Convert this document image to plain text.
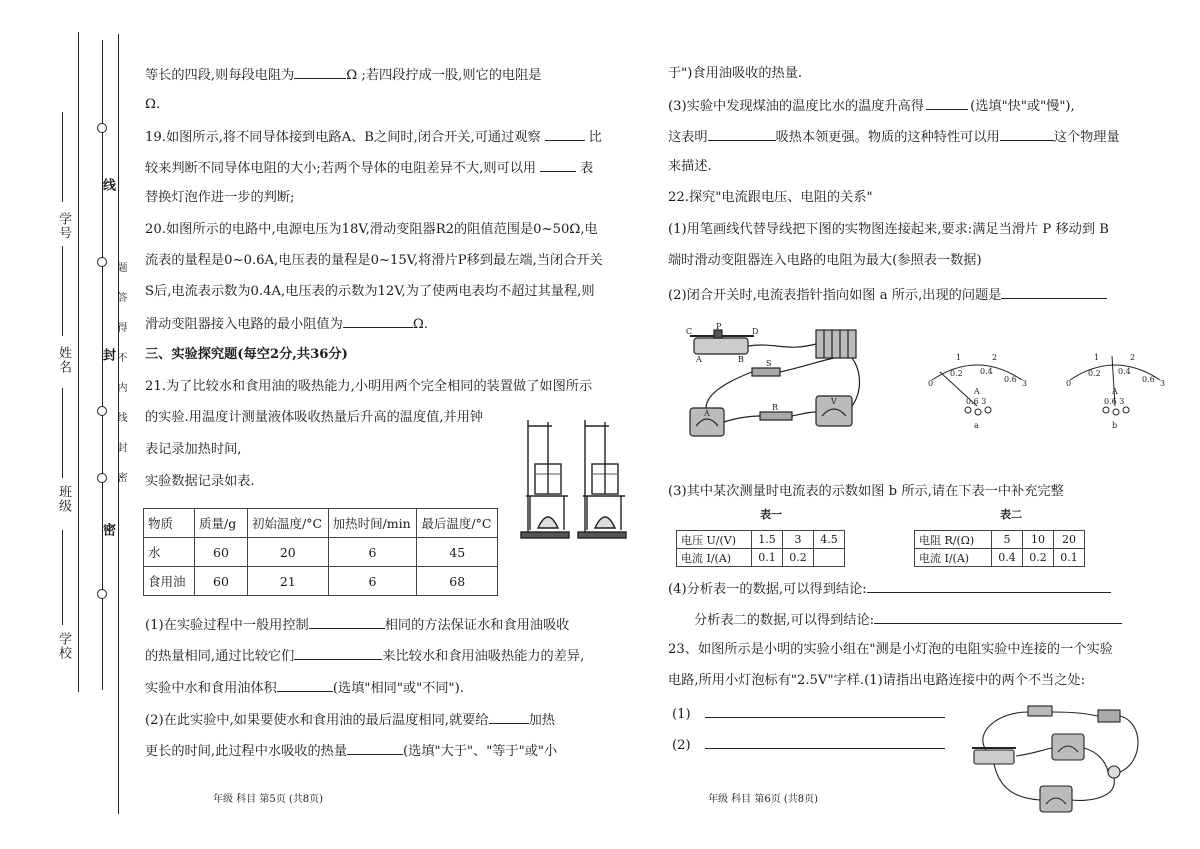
学号
姓名
班级
学校
线
封
密
题
答
得
不
内
线
封
密
等长的四段,则每段电阻为	Ω ;若四段拧成一股,则它的电阻是
Ω.
19.如图所示,将不同导体接到电路A、B之间时,闭合开关,可通过观察	比
较来判断不同导体电阻的大小;若两个导体的电阻差异不大,则可以用	表
替换灯泡作进一步的判断;
20.如图所示的电路中,电源电压为18V,滑动变阻器R2的阻值范围是0~50Ω,电
流表的量程是0~0.6A,电压表的量程是0~15V,将滑片P移到最左端,当闭合开关
S后,电流表示数为0.4A,电压表的示数为12V,为了使两电表均不超过其量程,则
滑动变阻器接入电路的最小阻值为	Ω.
三、实验探究题(每空2分,共36分)
21.为了比较水和食用油的吸热能力,小明用两个完全相同的装置做了如图所示
的实验.用温度计测量液体吸收热量后升高的温度值,并用钟
表记录加热时间,
实验数据记录如表.
物质	质量/g	初始温度/°C	加热时间/min	最后温度/°C
水	60	20	6	45
食用油	60	21	6	68
(1)在实验过程中一般用控制	相同的方法保证水和食用油吸收
的热量相同,通过比较它们	来比较水和食用油吸热能力的差异,
实验中水和食用油体积	(选填"相同"或"不同").
(2)在此实验中,如果要使水和食用油的最后温度相同,就要给	加热
更长的时间,此过程中水吸收的热量	(选填"大于"、"等于"或"小
年级 科目 第5页 (共8页)
于")食用油吸收的热量.
(3)实验中发现煤油的温度比水的温度升高得	(选填"快"或"慢"),
这表明	吸热本领更强。物质的这种特性可以用	这个物理量
来描述.
22.探究"电流跟电压、电阻的关系"
(1)用笔画线代替导线把下图的实物图连接起来,要求:满足当滑片 P 移动到 B
端时滑动变阻器连入电路的电阻为最大(参照表一数据)
(2)闭合开关时,电流表指针指向如图 a 所示,出现的问题是
C
P
D
A	B	S
R
V
A
0
1	2
3
0.2 0.4
0.6
A
0.6 3
a
0
1	2
3
0.2 0.4
0.6
A
0.6 3
b
(3)其中某次测量时电流表的示数如图 b 所示,请在下表一中补充完整
表一	表二
电压 U/(V)	1.5	3	4.5
电流 I/(A)	0.1	0.2	
电阻 R/(Ω)	5	10	20
电流 I/(A)	0.4	0.2	0.1
(4)分析表一的数据,可以得到结论:
分析表二的数据,可以得到结论:
23、如图所示是小明的实验小组在"测是小灯泡的电阻实验中连接的一个实验
电路,所用小灯泡标有"2.5V"字样.(1)请指出电路连接中的两个不当之处:
(1)
(2)
年级 科目 第6页 (共8页)
